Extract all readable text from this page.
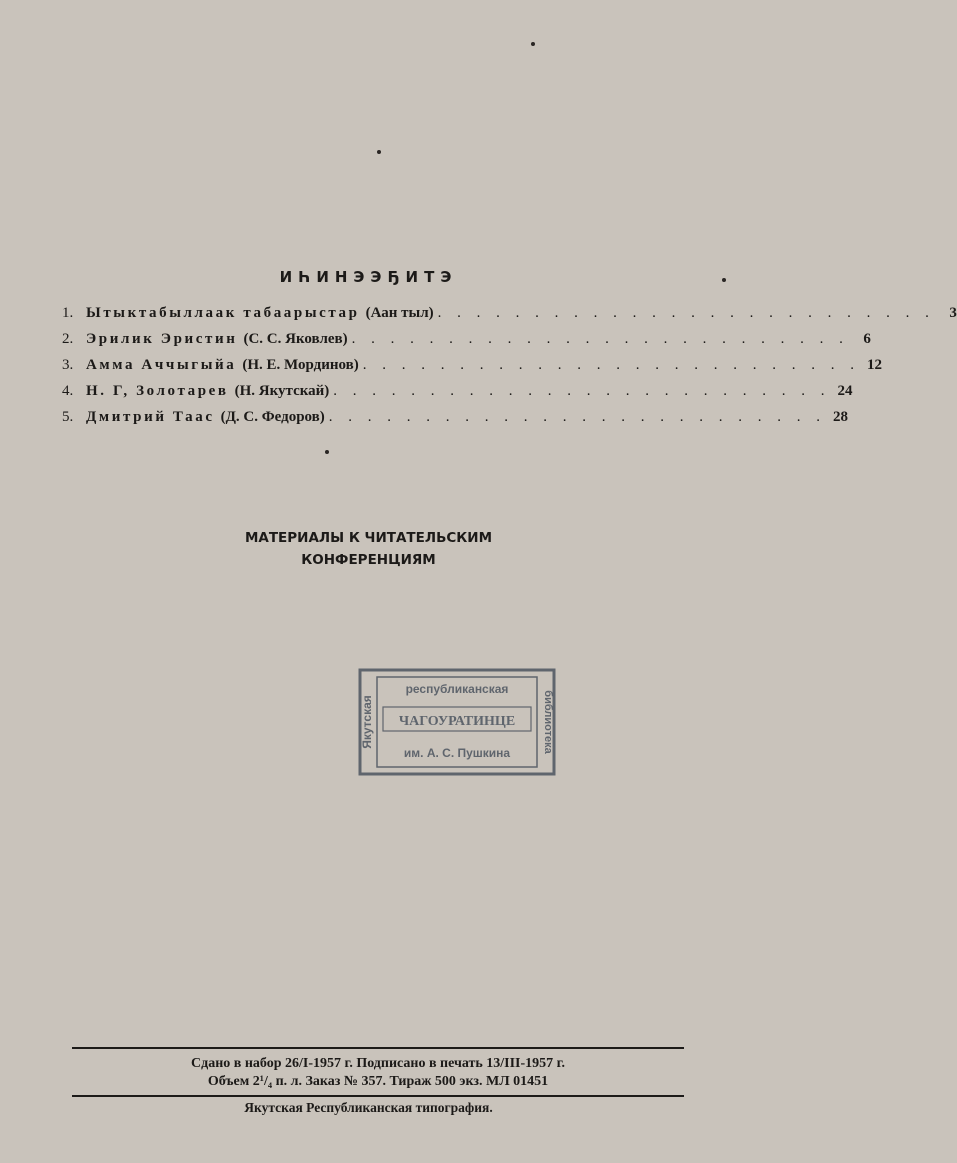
ИҺИНЭЭҔИТЭ
1. Ытыктабыллаак табаарыстар (Аан тыл) . . . . . . . . . . . . . . . . . . . . . . . . . . 3
2. Эрилик Эристин (С. С. Яковлев) . . . . . . . . . . . . . . . . . . . . . . . . . . 6
3. Амма Аччыгыйа (Н. Е. Мординов) . . . . . . . . . . . . . . . . . . . . . . . . . . 12
4. Н. Г, Золотарев (Н. Якутскай) . . . . . . . . . . . . . . . . . . . . . . . . . . 24
5. Дмитрий Таас (Д. С. Федоров) . . . . . . . . . . . . . . . . . . . . . . . . . . 28
МАТЕРИАЛЫ К ЧИТАТЕЛЬСКИМ
КОНФЕРЕНЦИЯМ
Якутская
республиканская
ЧАГОУРАТИНЦЕ
им. А. С. Пушкина	библиотека
Сдано в набор 26/I-1957 г. Подписано в печать 13/III-1957 г.
Объем 2¹/₄ п. л. Заказ № 357. Тираж 500 экз. МЛ 01451
Якутская Республиканская типография.
